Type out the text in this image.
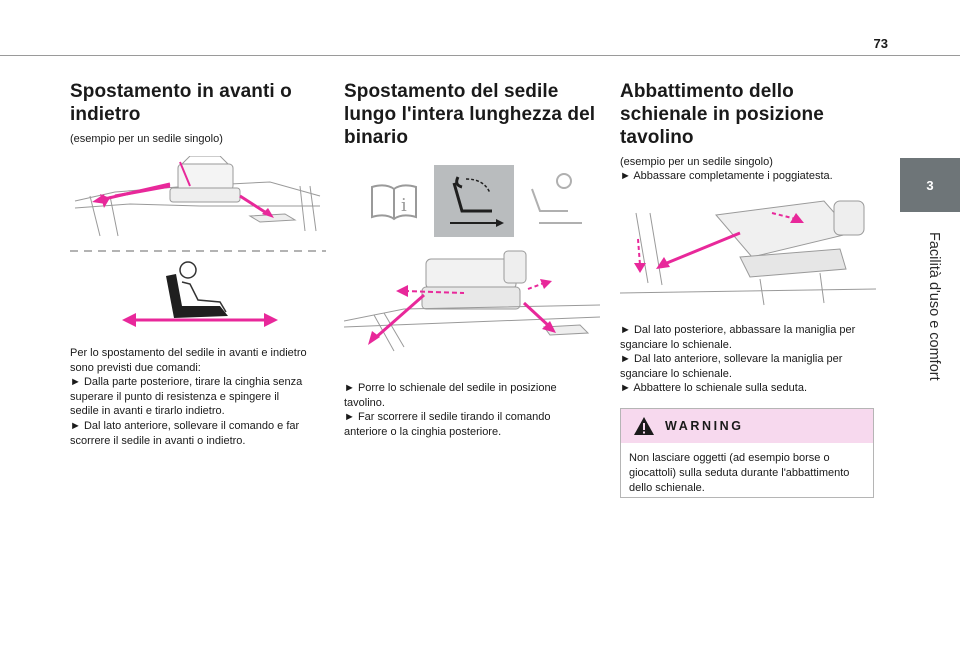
73
3
Facilità d'uso e comfort
Spostamento in avanti o
indietro
(esempio per un sedile singolo)
Per lo spostamento del sedile in avanti e indietro
sono previsti due comandi:
► Dalla parte posteriore, tirare la cinghia senza
superare il punto di resistenza e spingere il
sedile in avanti e tirarlo indietro.
► Dal lato anteriore, sollevare il comando e far
scorrere il sedile in avanti o indietro.
Spostamento del sedile
lungo l'intera lunghezza del
binario
i
► Porre lo schienale del sedile in posizione
tavolino.
► Far scorrere il sedile tirando il comando
anteriore o la cinghia posteriore.
Abbattimento dello
schienale in posizione
tavolino
(esempio per un sedile singolo)
► Abbassare completamente i poggiatesta.
► Dal lato posteriore, abbassare la maniglia per
sganciare lo schienale.
► Dal lato anteriore, sollevare la maniglia per
sganciare lo schienale.
► Abbattere lo schienale sulla seduta.
WARNING
Non lasciare oggetti (ad esempio borse o
giocattoli) sulla seduta durante l'abbattimento
dello schienale.
